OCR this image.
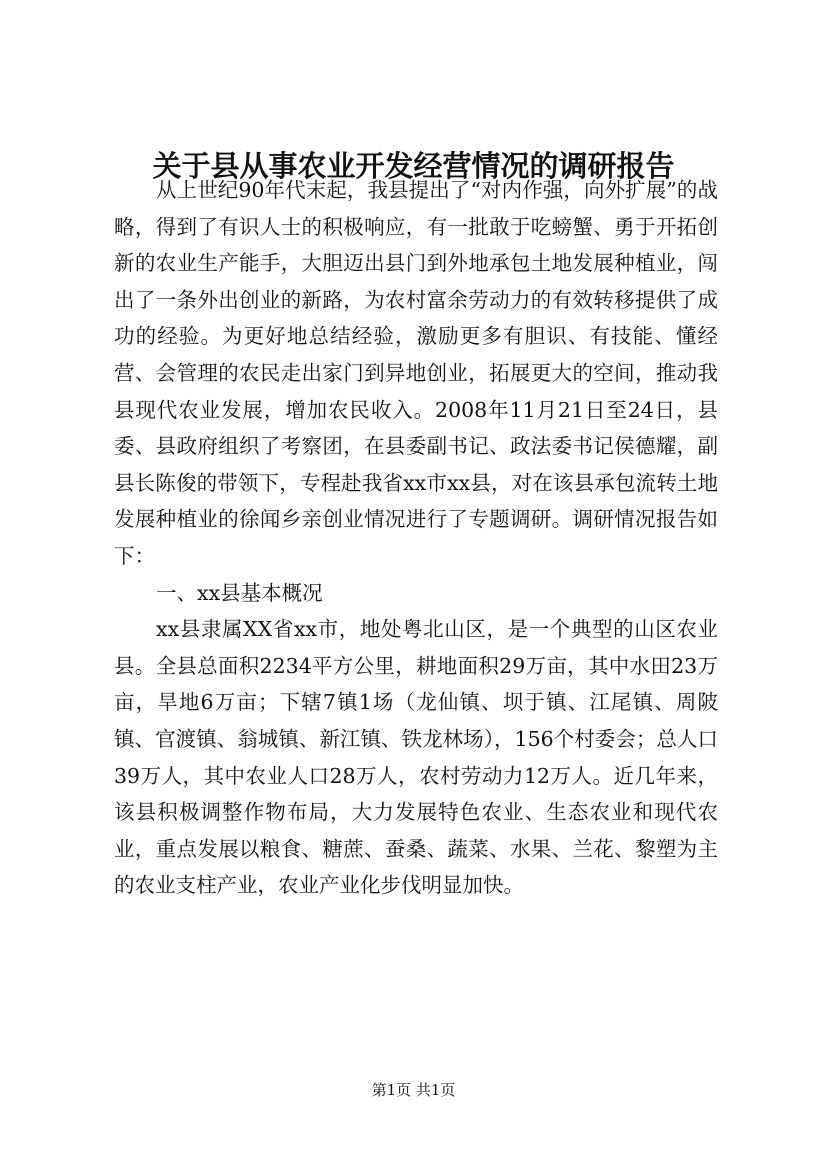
关于县从事农业开发经营情况的调研报告

从上世纪90年代末起，我县提出了“对内作强，向外扩展”的战略，得到了有识人士的积极响应，有一批敢于吃螃蟹、勇于开拓创新的农业生产能手，大胆迈出县门到外地承包土地发展种植业，闯出了一条外出创业的新路，为农村富余劳动力的有效转移提供了成功的经验。为更好地总结经验，激励更多有胆识、有技能、懂经营、会管理的农民走出家门到异地创业，拓展更大的空间，推动我县现代农业发展，增加农民收入。2008年11月21日至24日，县委、县政府组织了考察团，在县委副书记、政法委书记侯德耀，副县长陈俊的带领下，专程赴我省xx市xx县，对在该县承包流转土地发展种植业的徐闻乡亲创业情况进行了专题调研。调研情况报告如下：

一、xx县基本概况

xx县隶属XX省xx市，地处粤北山区，是一个典型的山区农业县。全县总面积2234平方公里，耕地面积29万亩，其中水田23万亩，旱地6万亩；下辖7镇1场（龙仙镇、坝于镇、江尾镇、周陂镇、官渡镇、翁城镇、新江镇、铁龙林场），156个村委会；总人口39万人，其中农业人口28万人，农村劳动力12万人。近几年来，该县积极调整作物布局，大力发展特色农业、生态农业和现代农业，重点发展以粮食、糖蔗、蚕桑、蔬菜、水果、兰花、黎塑为主的农业支柱产业，农业产业化步伐明显加快。

第1页 共1页
